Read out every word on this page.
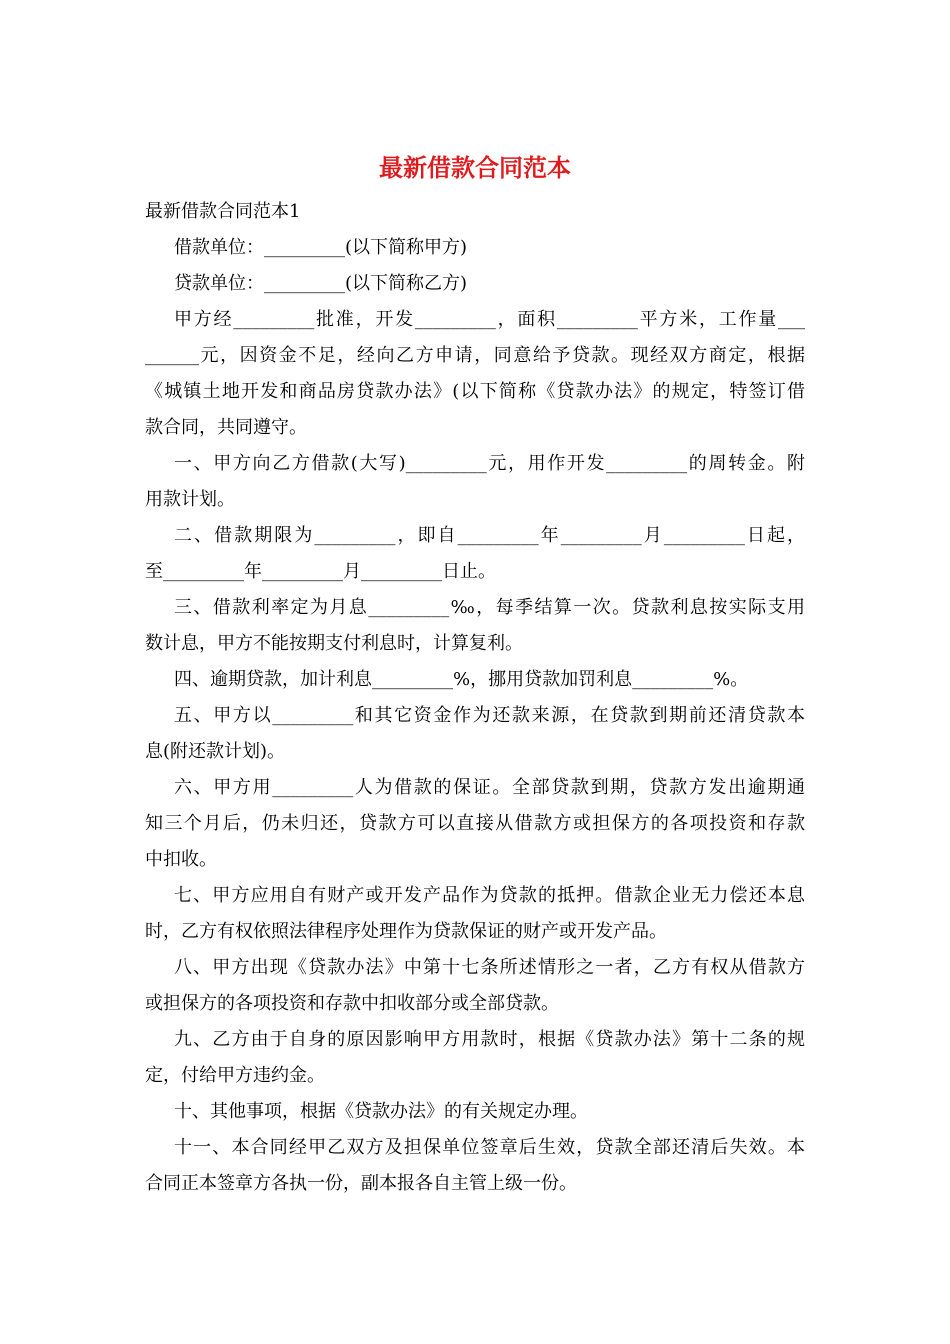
最新借款合同范本
最新借款合同范本1
借款单位：_________(以下简称甲方)
贷款单位：_________(以下简称乙方)
甲方经_________批准，开发_________，面积_________平方米，工作量___
______元，因资金不足，经向乙方申请，同意给予贷款。现经双方商定，根据
《城镇土地开发和商品房贷款办法》(以下简称《贷款办法》的规定，特签订借
款合同，共同遵守。
一、甲方向乙方借款(大写)_________元，用作开发_________的周转金。附
用款计划。
二、借款期限为_________，即自_________年_________月_________日起，
至_________年_________月_________日止。
三、借款利率定为月息_________‰，每季结算一次。贷款利息按实际支用
数计息，甲方不能按期支付利息时，计算复利。
四、逾期贷款，加计利息_________%，挪用贷款加罚利息_________%。
五、甲方以_________和其它资金作为还款来源，在贷款到期前还清贷款本
息(附还款计划)。
六、甲方用_________人为借款的保证。全部贷款到期，贷款方发出逾期通
知三个月后，仍未归还，贷款方可以直接从借款方或担保方的各项投资和存款
中扣收。
七、甲方应用自有财产或开发产品作为贷款的抵押。借款企业无力偿还本息
时，乙方有权依照法律程序处理作为贷款保证的财产或开发产品。
八、甲方出现《贷款办法》中第十七条所述情形之一者，乙方有权从借款方
或担保方的各项投资和存款中扣收部分或全部贷款。
九、乙方由于自身的原因影响甲方用款时，根据《贷款办法》第十二条的规
定，付给甲方违约金。
十、其他事项，根据《贷款办法》的有关规定办理。
十一、本合同经甲乙双方及担保单位签章后生效，贷款全部还清后失效。本
合同正本签章方各执一份，副本报各自主管上级一份。
